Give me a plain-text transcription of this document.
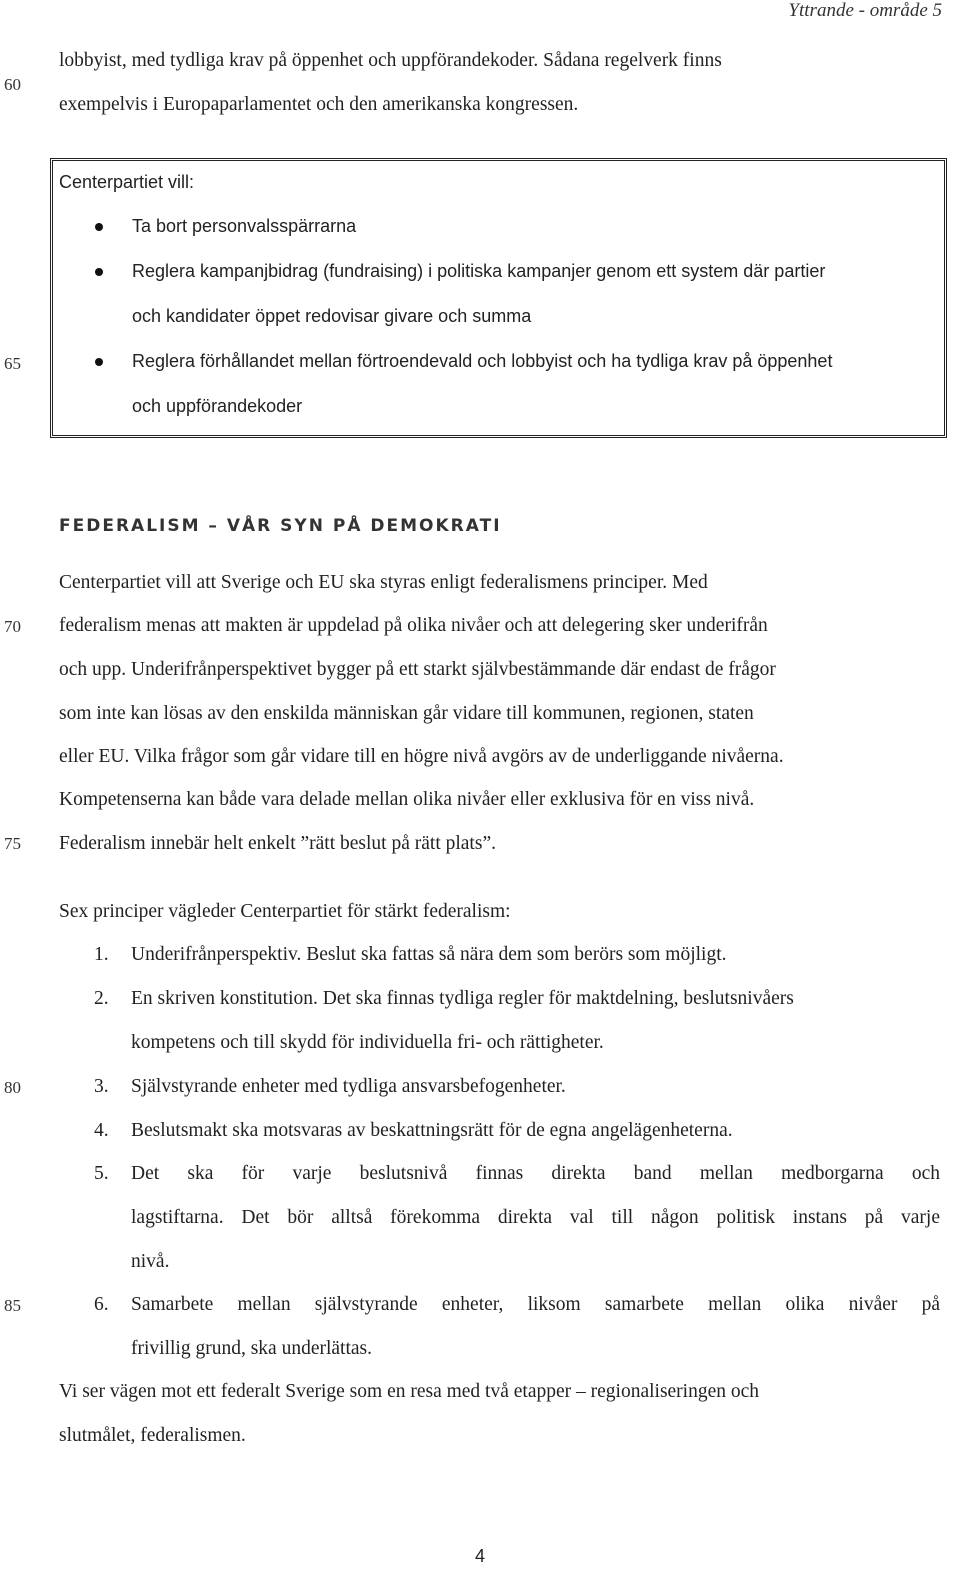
Yttrande - område 5
60
65
70
75
80
85
lobbyist, med tydliga krav på öppenhet och uppförandekoder. Sådana regelverk finns
exempelvis i Europaparlamentet och den amerikanska kongressen.
Centerpartiet vill:
Ta bort personvalsspärrarna
Reglera kampanjbidrag (fundraising) i politiska kampanjer genom ett system där partier
och kandidater öppet redovisar givare och summa
Reglera förhållandet mellan förtroendevald och lobbyist och ha tydliga krav på öppenhet
och uppförandekoder
FEDERALISM – VÅR SYN PÅ DEMOKRATI
Centerpartiet vill att Sverige och EU ska styras enligt federalismens principer. Med
federalism menas att makten är uppdelad på olika nivåer och att delegering sker underifrån
och upp. Underifrånperspektivet bygger på ett starkt självbestämmande där endast de frågor
som inte kan lösas av den enskilda människan går vidare till kommunen, regionen, staten
eller EU. Vilka frågor som går vidare till en högre nivå avgörs av de underliggande nivåerna.
Kompetenserna kan både vara delade mellan olika nivåer eller exklusiva för en viss nivå.
Federalism innebär helt enkelt ”rätt beslut på rätt plats”.
Sex principer vägleder Centerpartiet för stärkt federalism:
1. Underifrånperspektiv. Beslut ska fattas så nära dem som berörs som möjligt.
2. En skriven konstitution. Det ska finnas tydliga regler för maktdelning, beslutsnivåers
kompetens och till skydd för individuella fri- och rättigheter.
3. Självstyrande enheter med tydliga ansvarsbefogenheter.
4. Beslutsmakt ska motsvaras av beskattningsrätt för de egna angelägenheterna.
5. Det ska för varje beslutsnivå finnas direkta band mellan medborgarna och
lagstiftarna. Det bör alltså förekomma direkta val till någon politisk instans på varje
nivå.
6. Samarbete mellan självstyrande enheter, liksom samarbete mellan olika nivåer på
frivillig grund, ska underlättas.
Vi ser vägen mot ett federalt Sverige som en resa med två etapper – regionaliseringen och
slutmålet, federalismen.
4
